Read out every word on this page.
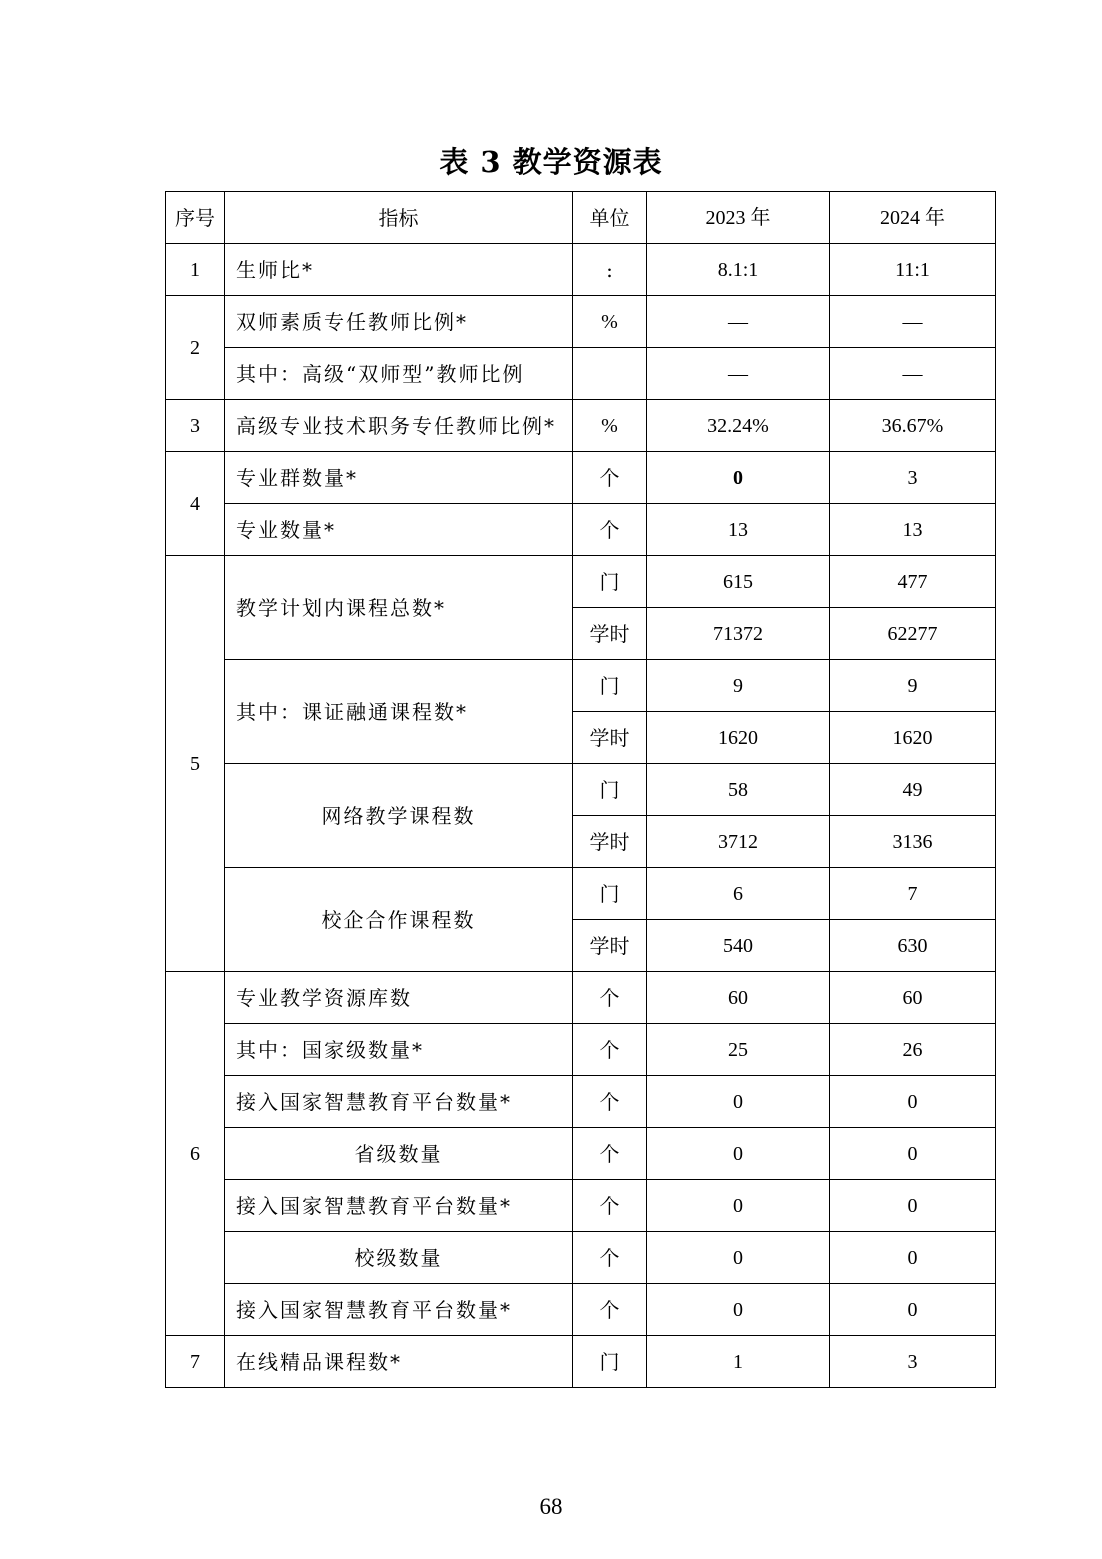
表 3 教学资源表
序号	指标	单位	2023 年	2024 年
1	生师比*	:	8.1:1	11:1
2	双师素质专任教师比例*	%	—	—
	其中：高级“双师型”教师比例		—	—
3	高级专业技术职务专任教师比例*	%	32.24%	36.67%
4	专业群数量*	个	0	3
	专业数量*	个	13	13
5	教学计划内课程总数*	门	615	477
		学时	71372	62277
	其中：课证融通课程数*	门	9	9
		学时	1620	1620
	网络教学课程数	门	58	49
		学时	3712	3136
	校企合作课程数	门	6	7
		学时	540	630
6	专业教学资源库数	个	60	60
	其中：国家级数量*	个	25	26
	接入国家智慧教育平台数量*	个	0	0
	省级数量	个	0	0
	接入国家智慧教育平台数量*	个	0	0
	校级数量	个	0	0
	接入国家智慧教育平台数量*	个	0	0
7	在线精品课程数*	门	1	3
68
